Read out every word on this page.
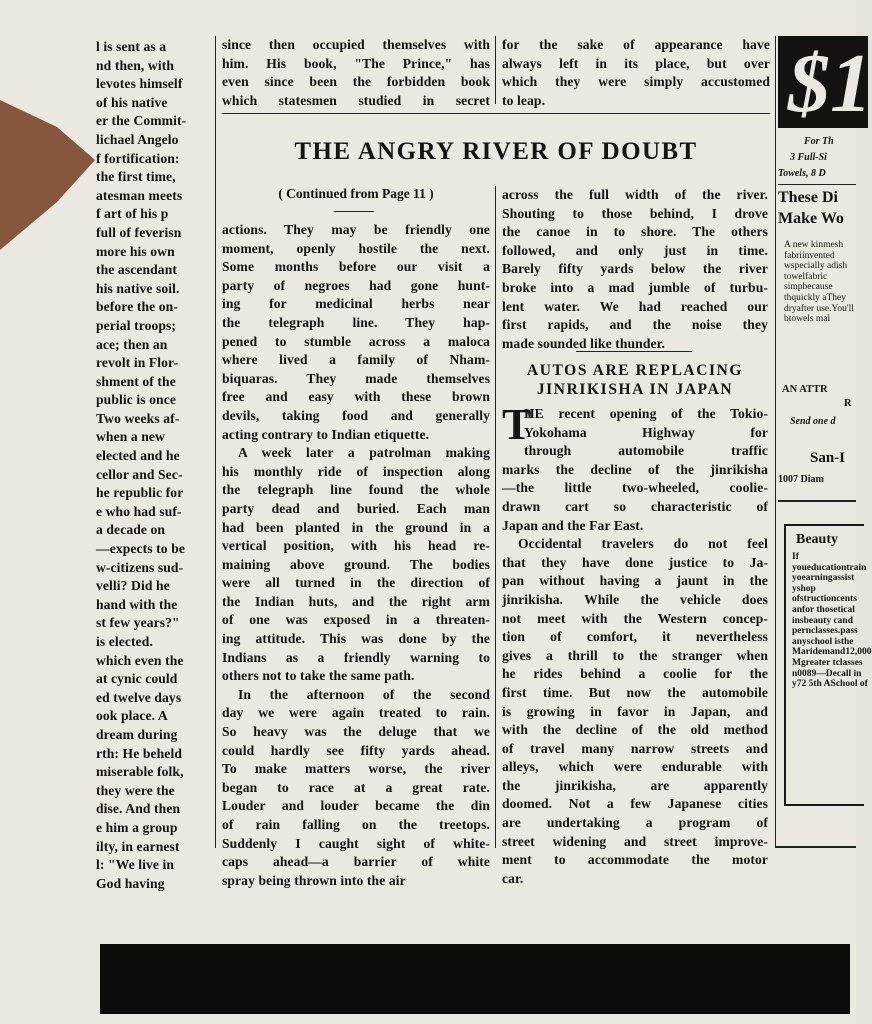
l is sent as a
nd then, with
levotes himself
of his native
er the Commit-
lichael Angelo
f fortification:
the first time,
atesman meets
f art of his p
full of feverisn
more his own
the ascendant
his native soil.
before the on-
perial troops;
ace; then an
revolt in Flor-
shment of the
public is once
Two weeks af-
when a new
elected and he
cellor and Sec-
he republic for
e who had suf-
a decade on
—expects to be
w-citizens sud-
velli? Did he
hand with the
st few years?"
is elected.
which even the
at cynic could
ed twelve days
ook place. A
dream during
rth: He beheld
miserable folk,
they were the
dise. And then
e him a group
ilty, in earnest
l: "We live in
God having
since then occupied themselves with
him. His book, "The Prince," has
even since been the forbidden book
which statesmen studied in secret
for the sake of appearance have
always left in its place, but over
which they were simply accustomed
to leap.
THE ANGRY RIVER OF DOUBT
( Continued from Page 11 )
actions. They may be friendly one
moment, openly hostile the next.
Some months before our visit a
party of negroes had gone hunt-
ing for medicinal herbs near
the telegraph line. They hap-
pened to stumble across a maloca
where lived a family of Nham-
biquaras. They made themselves
free and easy with these brown
devils, taking food and generally
acting contrary to Indian etiquette.
A week later a patrolman making
his monthly ride of inspection along
the telegraph line found the whole
party dead and buried. Each man
had been planted in the ground in a
vertical position, with his head re-
maining above ground. The bodies
were all turned in the direction of
the Indian huts, and the right arm
of one was exposed in a threaten-
ing attitude. This was done by the
Indians as a friendly warning to
others not to take the same path.
In the afternoon of the second
day we were again treated to rain.
So heavy was the deluge that we
could hardly see fifty yards ahead.
To make matters worse, the river
began to race at a great rate.
Louder and louder became the din
of rain falling on the treetops.
Suddenly I caught sight of white-
caps ahead—a barrier of white
spray being thrown into the air
across the full width of the river.
Shouting to those behind, I drove
the canoe in to shore. The others
followed, and only just in time.
Barely fifty yards below the river
broke into a mad jumble of turbu-
lent water. We had reached our
first rapids, and the noise they
made sounded like thunder.
AUTOS ARE REPLACING
JINRIKISHA IN JAPAN
T
HE recent opening of the Tokio-
Yokohama Highway for
through automobile traffic
marks the decline of the jinrikisha
—the little two-wheeled, coolie-
drawn cart so characteristic of
Japan and the Far East.
Occidental travelers do not feel
that they have done justice to Ja-
pan without having a jaunt in the
jinrikisha. While the vehicle does
not meet with the Western concep-
tion of comfort, it nevertheless
gives a thrill to the stranger when
he rides behind a coolie for the
first time. But now the automobile
is growing in favor in Japan, and
with the decline of the old method
of travel many narrow streets and
alleys, which were endurable with
the jinrikisha, are apparently
doomed. Not a few Japanese cities
are undertaking a program of
street widening and street improve-
ment to accommodate the motor
car.
$1
For Th
3 Full-Si
Towels, 8 D
These Di
Make Wo
A new kinmesh fabriinvented wspecially adish towelfabric simpbecause thquickly aThey dryafter use.You'll btowels mal
AN ATTR
R
Send one d
San-I
1007 Diam
Beauty
If youeducationtrain yoearningassist yshop ofstructioncents anfor thosetical insbeauty cand pernclasses.pass anyschool isthe Maridemand12,000 Mgreater tclasses n0089—Decall in y72 5th ASchool of
